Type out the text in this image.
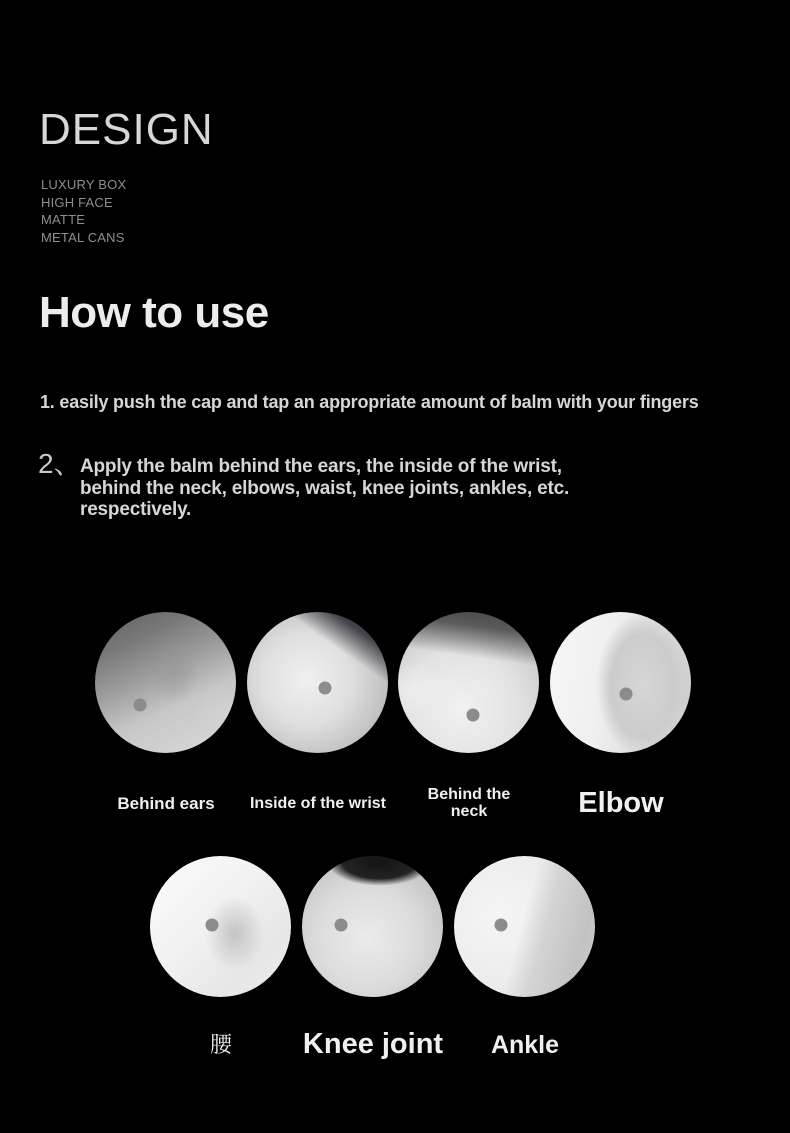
DESIGN
LUXURY BOX
HIGH FACE
MATTE
METAL CANS
How to use
1. easily push the cap and tap an appropriate amount of balm with your fingers
2、
Apply the balm behind the ears, the inside of the wrist,
behind the neck, elbows, waist, knee joints, ankles, etc.
respectively.
Behind ears	Inside of the wrist
Behind the neck	Elbow
腰	Knee joint	Ankle
